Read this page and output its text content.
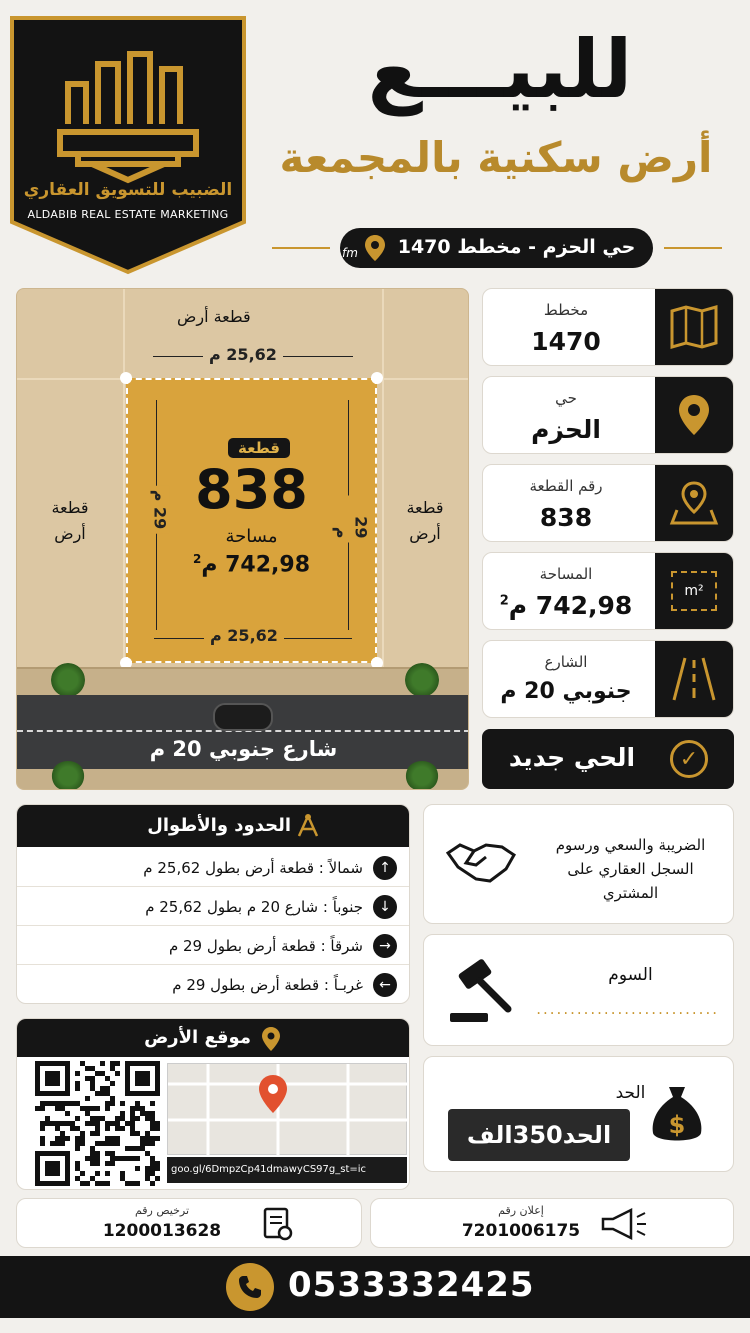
الضبيب للتسويق العقاري
ALDABIB REAL ESTATE MARKETING
للبيـــع
أرض سكنية بالمجمعة
fm	حي الحزم - مخطط 1470
قطعة أرض
قطعة أرض
قطعة أرض
25,62 م
25,62 م
29 م	29 م
قطعة
838
مساحة
742,98 م$^2$
شارع جنوبي 20 م
مخطط
1470
حي
الحزم
رقم القطعة
838
المساحة
742,98 م$^2$
m²
الشارع
جنوبي 20 م
الحي جديد	✓
الحدود والأطوال
↑
شمالاً : قطعة أرض بطول 25,62 م
↓
جنوباً : شارع 20 م بطول 25,62 م
→
شرقاً : قطعة أرض بطول 29 م
←
غربـاً : قطعة أرض بطول 29 م
الضريبة والسعي ورسوم السجل العقاري على المشتري
السوم
...........................
الحد
الحد350الف	$
موقع الأرض
goo.gl/6DmpzCp41dmawyCS97g_st=ic
ترخيص رقم
1200013628
إعلان رقم
7201006175
0533332425
